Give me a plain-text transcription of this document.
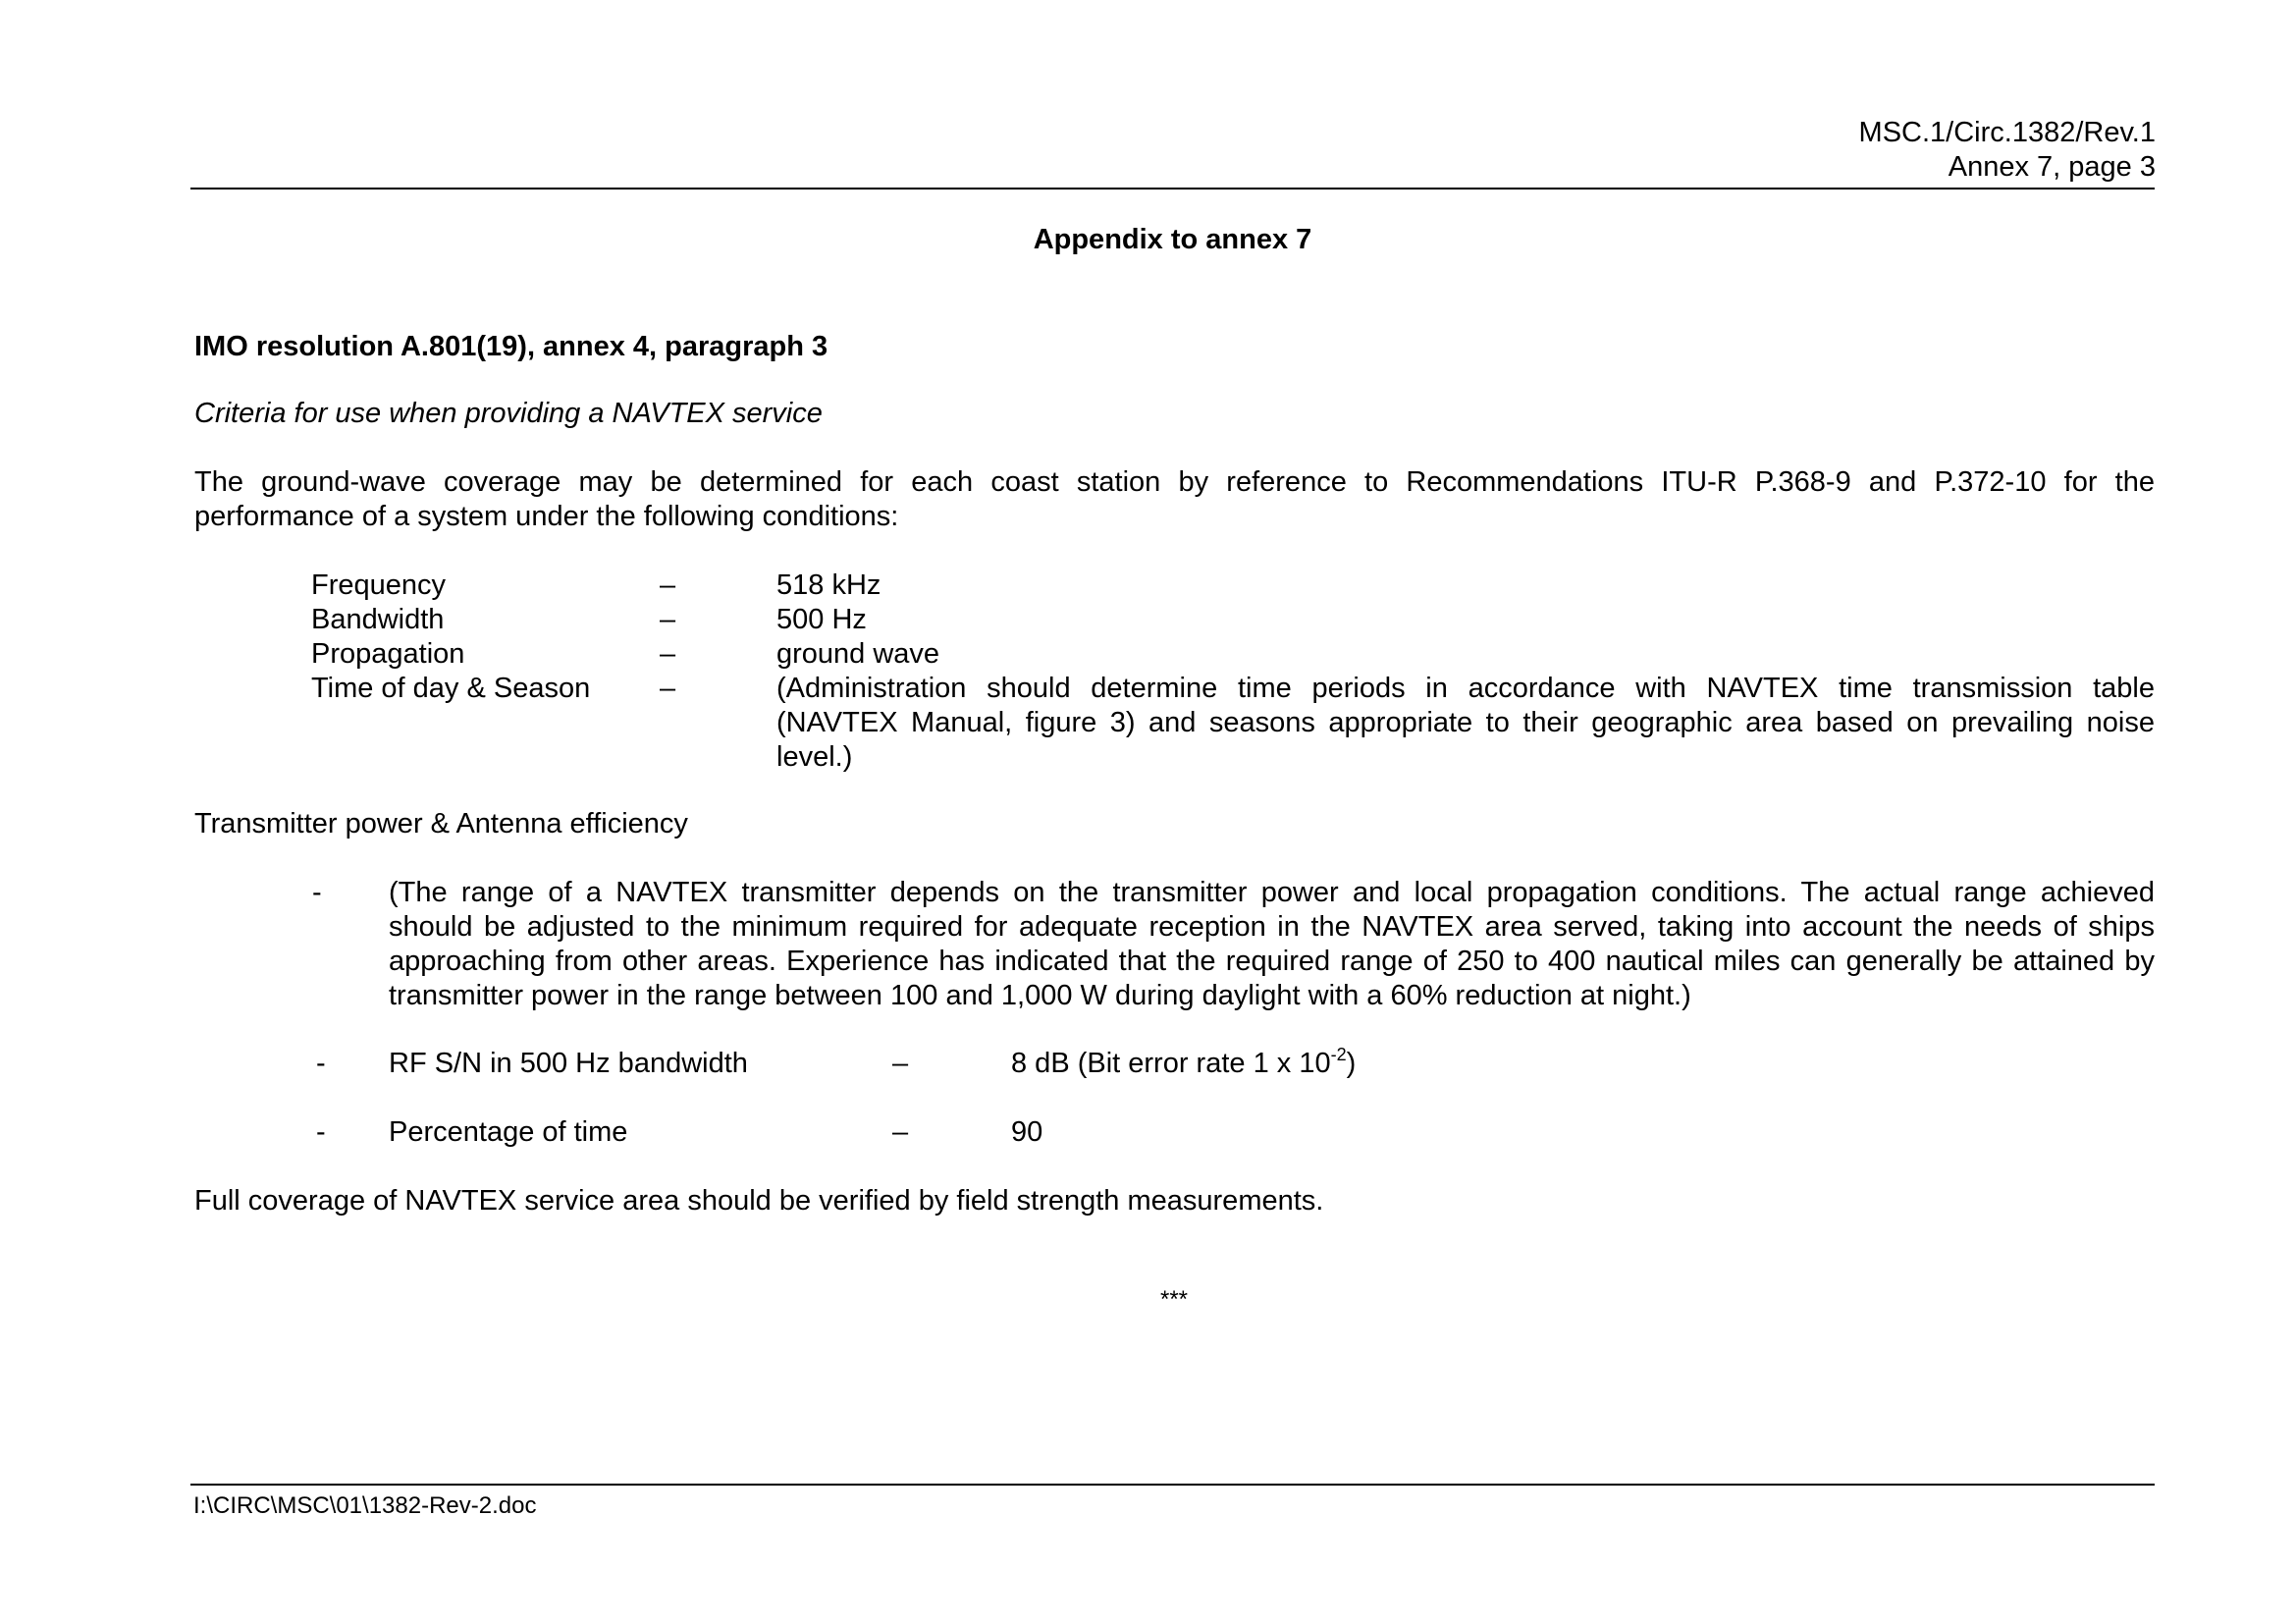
MSC.1/Circ.1382/Rev.1
Annex 7, page 3
Appendix to annex 7
IMO resolution A.801(19), annex 4, paragraph 3
Criteria for use when providing a NAVTEX service
The ground-wave coverage may be determined for each coast station by reference to Recommendations ITU-R P.368-9 and P.372-10 for the
performance of a system under the following conditions:
Frequency	–	518 kHz
Bandwidth	–	500 Hz
Propagation	–	ground wave
Time of day & Season –	(Administration should determine time periods in accordance with NAVTEX time transmission table
(NAVTEX Manual, figure 3) and seasons appropriate to their geographic area based on prevailing noise
level.)
Transmitter power & Antenna efficiency
- (The range of a NAVTEX transmitter depends on the transmitter power and local propagation conditions. The actual range achieved
should be adjusted to the minimum required for adequate reception in the NAVTEX area served, taking into account the needs of ships
approaching from other areas. Experience has indicated that the required range of 250 to 400 nautical miles can generally be attained by
transmitter power in the range between 100 and 1,000 W during daylight with a 60% reduction at night.)
- RF S/N in 500 Hz bandwidth	–	8 dB (Bit error rate 1 x $10^{-2}$)
- Percentage of time	–	90
Full coverage of NAVTEX service area should be verified by field strength measurements.
***
I:\CIRC\MSC\01\1382-Rev-2.doc
